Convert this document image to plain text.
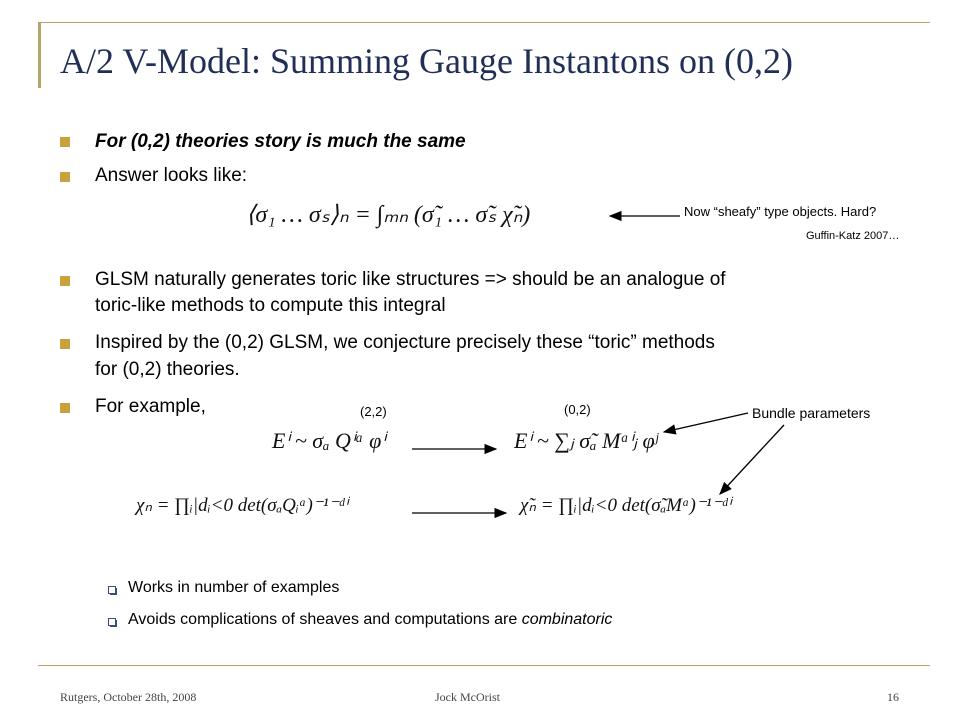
A/2 V-Model: Summing Gauge Instantons on (0,2)
For (0,2) theories story is much the same
Answer looks like:
⟨σ₁ … σₛ⟩ₙ = ∫ₘₙ (σ̃₁ … σ̃ₛ χ̃ₙ)	Now “sheafy” type objects. Hard?
Guffin-Katz 2007…
GLSM naturally generates toric like structures => should be an analogue of
toric-like methods to compute this integral
Inspired by the (0,2) GLSM, we conjecture precisely these “toric” methods
for (0,2) theories.
For example,	(2,2)	(0,2)	Bundle parameters
Eⁱ ~ σₐ Qⁱᵃ φⁱ	Eⁱ ~ ∑ⱼ σ̃ₐ Mᵃⁱⱼ φʲ
χₙ = ∏ᵢ|dᵢ<0 det(σₐQᵢᵃ)⁻¹⁻ᵈⁱ	χ̃ₙ = ∏ᵢ|dᵢ<0 det(σ̃ₐMᵃ)⁻¹⁻ᵈⁱ
Works in number of examples
Avoids complications of sheaves and computations are combinatoric
Rutgers, October 28th, 2008	Jock McOrist	16
